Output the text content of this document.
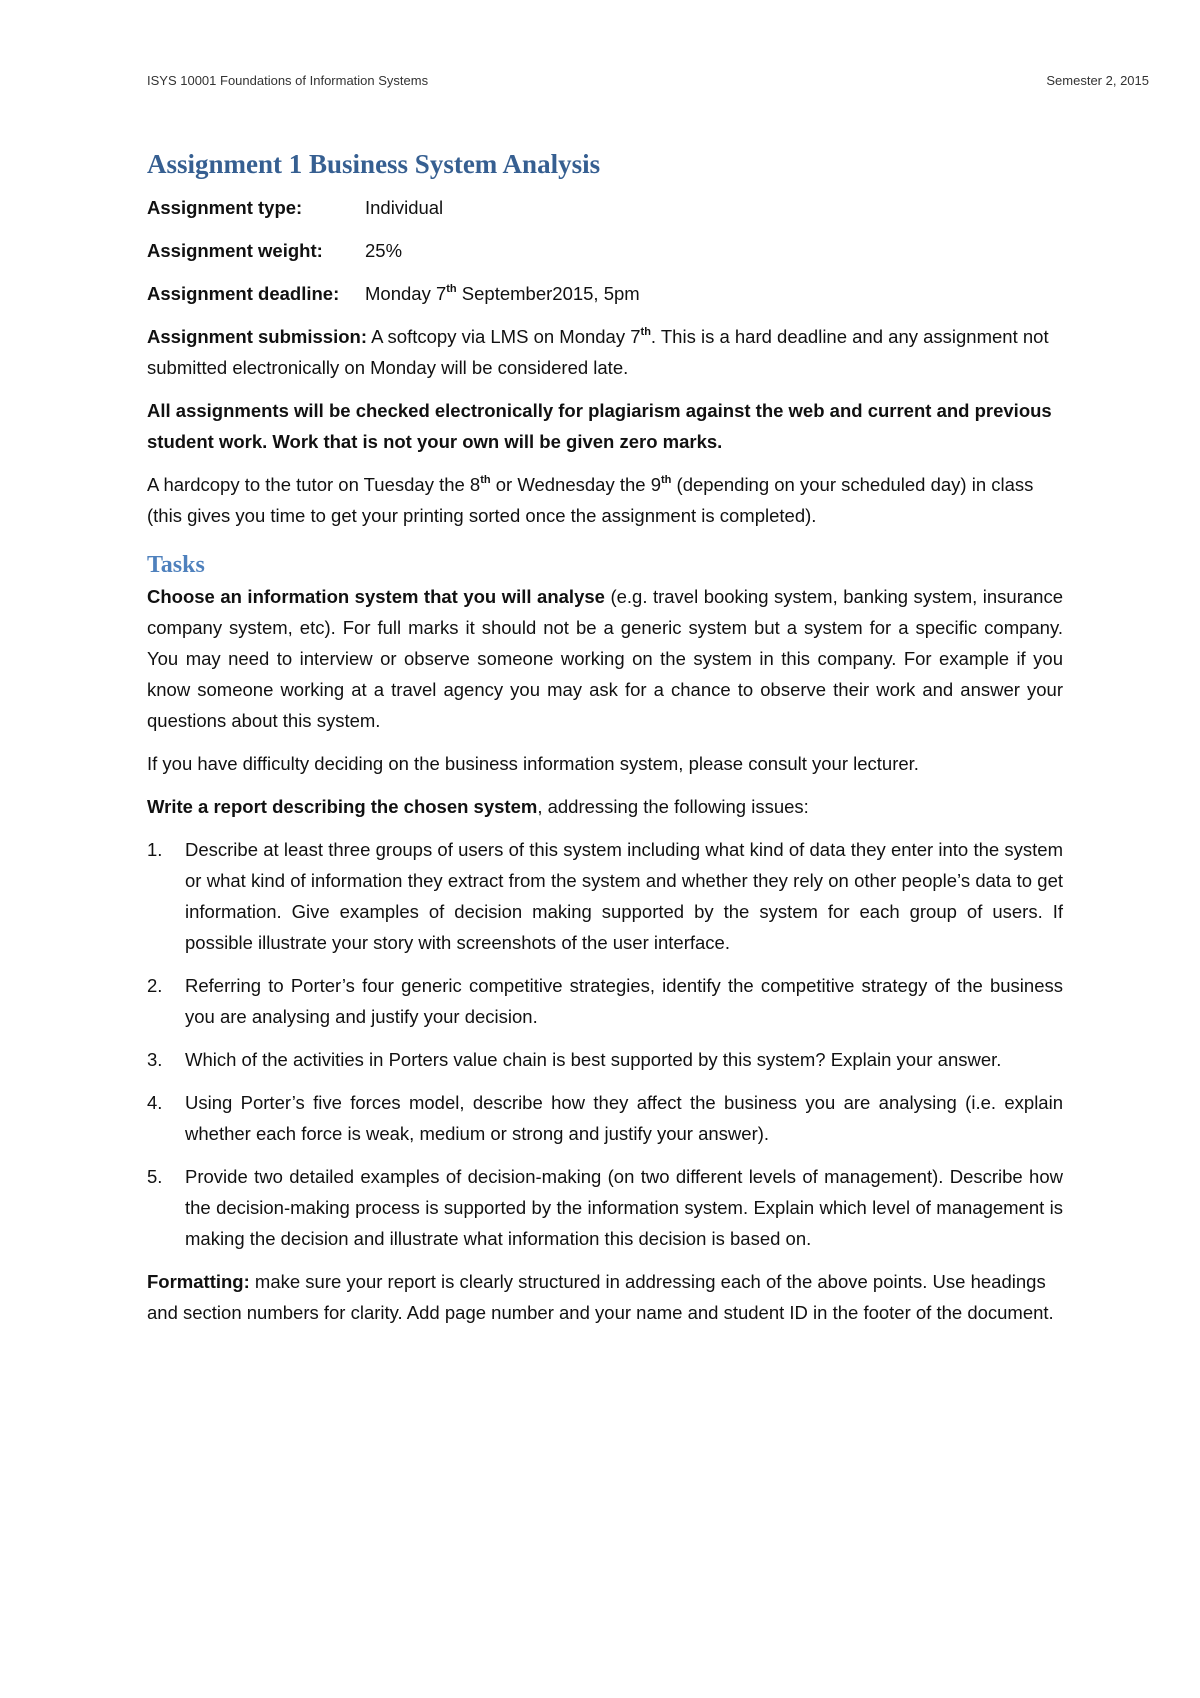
ISYS 10001 Foundations of Information Systems	Semester 2, 2015
Assignment 1 Business System Analysis
Assignment type:	Individual
Assignment weight:	25%
Assignment deadline:	Monday 7th September2015, 5pm

Assignment submission: A softcopy via LMS on Monday 7th. This is a hard deadline and any assignment not submitted electronically on Monday will be considered late.

All assignments will be checked electronically for plagiarism against the web and current and previous student work. Work that is not your own will be given zero marks.

A hardcopy to the tutor on Tuesday the 8th or Wednesday the 9th (depending on your scheduled day) in class (this gives you time to get your printing sorted once the assignment is completed).

Tasks

Choose an information system that you will analyse (e.g. travel booking system, banking system, insurance company system, etc). For full marks it should not be a generic system but a system for a specific company. You may need to interview or observe someone working on the system in this company. For example if you know someone working at a travel agency you may ask for a chance to observe their work and answer your questions about this system.

If you have difficulty deciding on the business information system, please consult your lecturer.

Write a report describing the chosen system, addressing the following issues:

1.	Describe at least three groups of users of this system including what kind of data they enter into the system or what kind of information they extract from the system and whether they rely on other people’s data to get information. Give examples of decision making supported by the system for each group of users. If possible illustrate your story with screenshots of the user interface.
2.	Referring to Porter’s four generic competitive strategies, identify the competitive strategy of the business you are analysing and justify your decision.
3.	Which of the activities in Porters value chain is best supported by this system? Explain your answer.
4.	Using Porter’s five forces model, describe how they affect the business you are analysing (i.e. explain whether each force is weak, medium or strong and justify your answer).
5.	Provide two detailed examples of decision-making (on two different levels of management). Describe how the decision-making process is supported by the information system. Explain which level of management is making the decision and illustrate what information this decision is based on.

Formatting: make sure your report is clearly structured in addressing each of the above points. Use headings and section numbers for clarity. Add page number and your name and student ID in the footer of the document.
